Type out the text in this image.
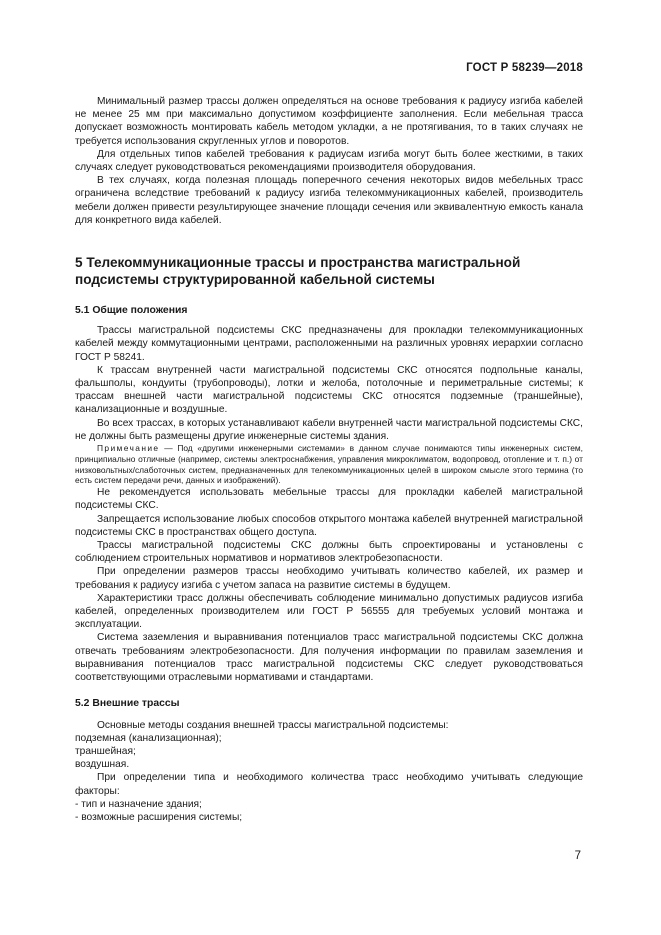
ГОСТ Р 58239—2018

Минимальный размер трассы должен определяться на основе требования к радиусу изгиба кабелей не менее 25 мм при максимально допустимом коэффициенте заполнения. Если мебельная трасса допускает возможность монтировать кабель методом укладки, а не протягивания, то в таких случаях не требуется использования скругленных углов и поворотов.

Для отдельных типов кабелей требования к радиусам изгиба могут быть более жесткими, в таких случаях следует руководствоваться рекомендациями производителя оборудования.

В тех случаях, когда полезная площадь поперечного сечения некоторых видов мебельных трасс ограничена вследствие требований к радиусу изгиба телекоммуникационных кабелей, производитель мебели должен привести результирующее значение площади сечения или эквивалентную емкость канала для конкретного вида кабелей.

5 Телекоммуникационные трассы и пространства магистральной подсистемы структурированной кабельной системы
5.1 Общие положения

Трассы магистральной подсистемы СКС предназначены для прокладки телекоммуникационных кабелей между коммутационными центрами, расположенными на различных уровнях иерархии согласно ГОСТ Р 58241.

К трассам внутренней части магистральной подсистемы СКС относятся подпольные каналы, фальшполы, кондуиты (трубопроводы), лотки и желоба, потолочные и периметральные системы; к трассам внешней части магистральной подсистемы СКС относятся подземные (траншейные), канализационные и воздушные.

Во всех трассах, в которых устанавливают кабели внутренней части магистральной подсистемы СКС, не должны быть размещены другие инженерные системы здания.

Примечание — Под «другими инженерными системами» в данном случае понимаются типы инженерных систем, принципиально отличные (например, системы электроснабжения, управления микроклиматом, водопровод, отопление и т. п.) от низковольтных/слаботочных систем, предназначенных для телекоммуникационных целей в широком смысле этого термина (то есть систем передачи речи, данных и изображений).

Не рекомендуется использовать мебельные трассы для прокладки кабелей магистральной подсистемы СКС.

Запрещается использование любых способов открытого монтажа кабелей внутренней магистральной подсистемы СКС в пространствах общего доступа.

Трассы магистральной подсистемы СКС должны быть спроектированы и установлены с соблюдением строительных нормативов и нормативов электробезопасности.

При определении размеров трассы необходимо учитывать количество кабелей, их размер и требования к радиусу изгиба с учетом запаса на развитие системы в будущем.

Характеристики трасс должны обеспечивать соблюдение минимально допустимых радиусов изгиба кабелей, определенных производителем или ГОСТ Р 56555 для требуемых условий монтажа и эксплуатации.

Система заземления и выравнивания потенциалов трасс магистральной подсистемы СКС должна отвечать требованиям электробезопасности. Для получения информации по правилам заземления и выравнивания потенциалов трасс магистральной подсистемы СКС следует руководствоваться соответствующими отраслевыми нормативами и стандартами.

5.2 Внешние трассы

Основные методы создания внешней трассы магистральной подсистемы:

подземная (канализационная);

траншейная;

воздушная.

При определении типа и необходимого количества трасс необходимо учитывать следующие факторы:

- тип и назначение здания;

- возможные расширения системы;

7
